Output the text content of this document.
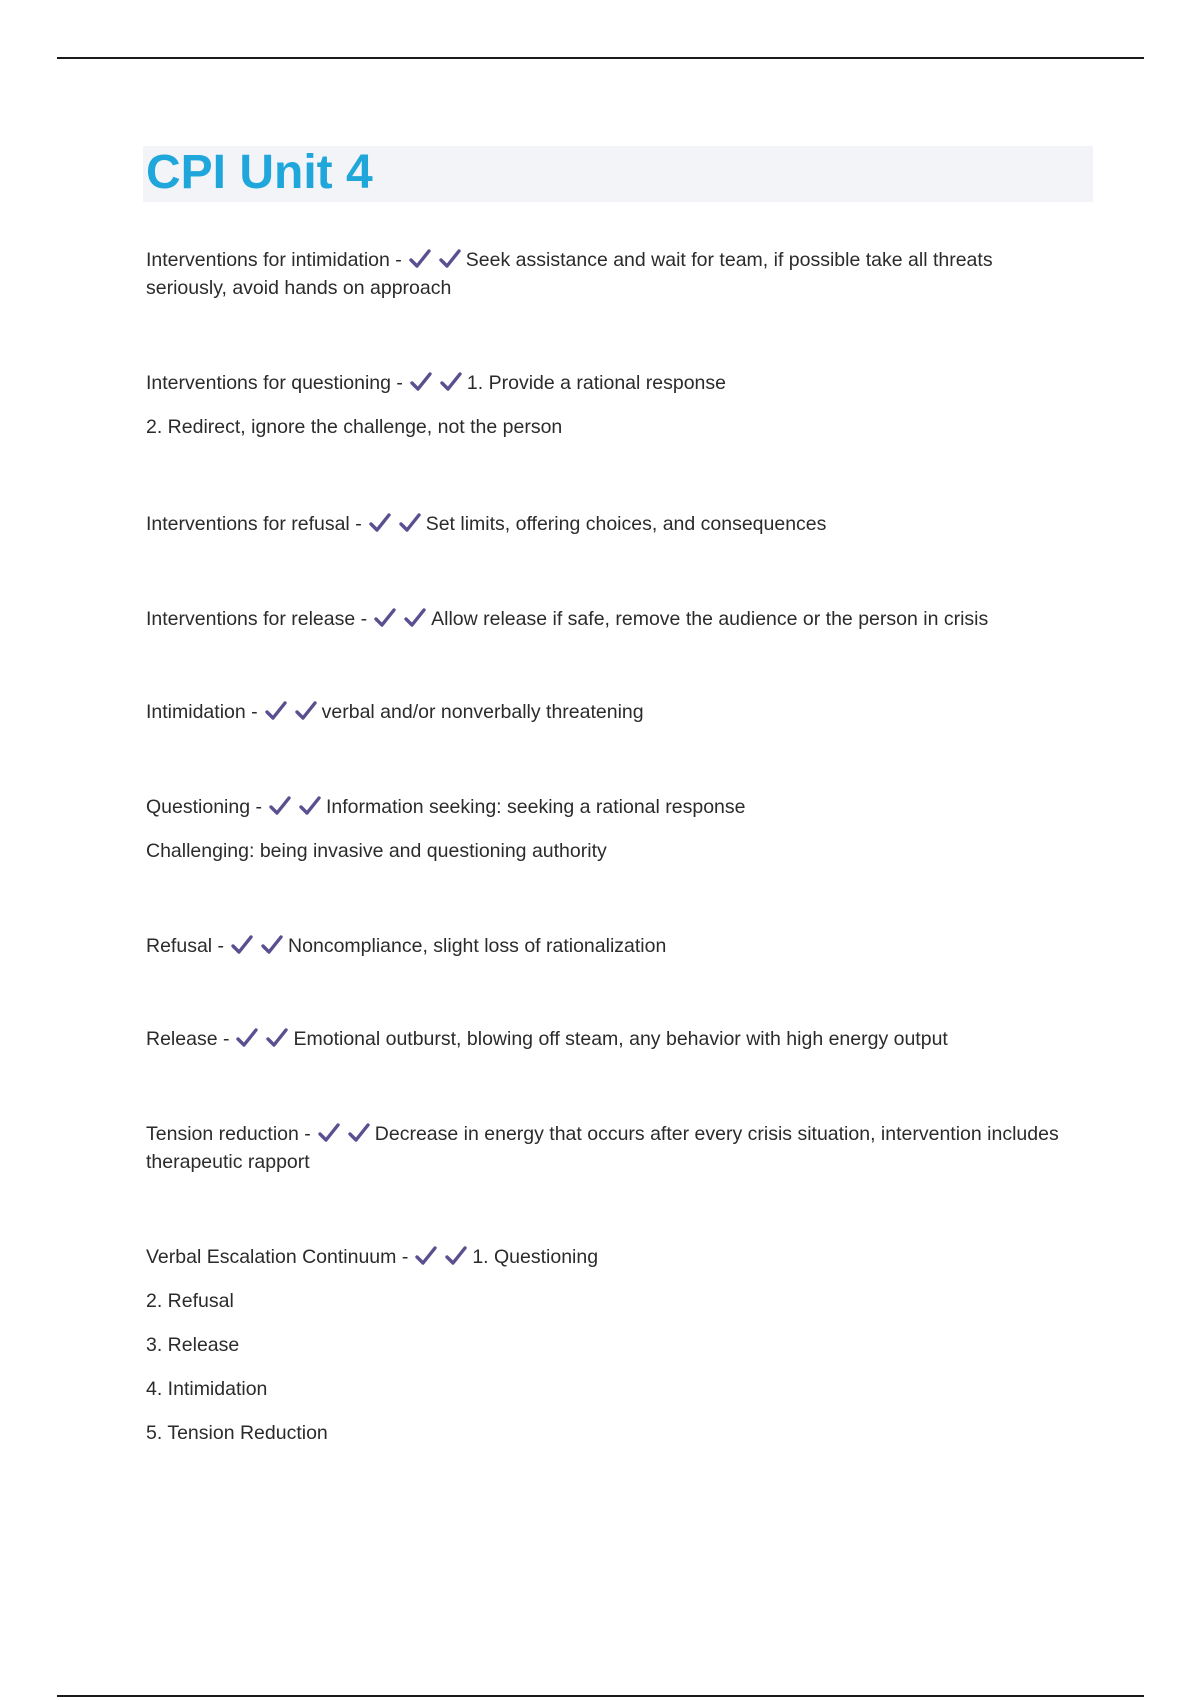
CPI Unit 4

Interventions for intimidation -	Seek assistance and wait for team, if possible take all threats seriously, avoid hands on approach

Interventions for questioning -	1. Provide a rational response

2. Redirect, ignore the challenge, not the person

Interventions for refusal -	Set limits, offering choices, and consequences

Interventions for release -	Allow release if safe, remove the audience or the person in crisis

Intimidation -	verbal and/or nonverbally threatening

Questioning -	Information seeking: seeking a rational response

Challenging: being invasive and questioning authority

Refusal -	Noncompliance, slight loss of rationalization

Release -	Emotional outburst, blowing off steam, any behavior with high energy output

Tension reduction -	Decrease in energy that occurs after every crisis situation, intervention includes therapeutic rapport

Verbal Escalation Continuum -	1. Questioning

2. Refusal

3. Release

4. Intimidation

5. Tension Reduction
